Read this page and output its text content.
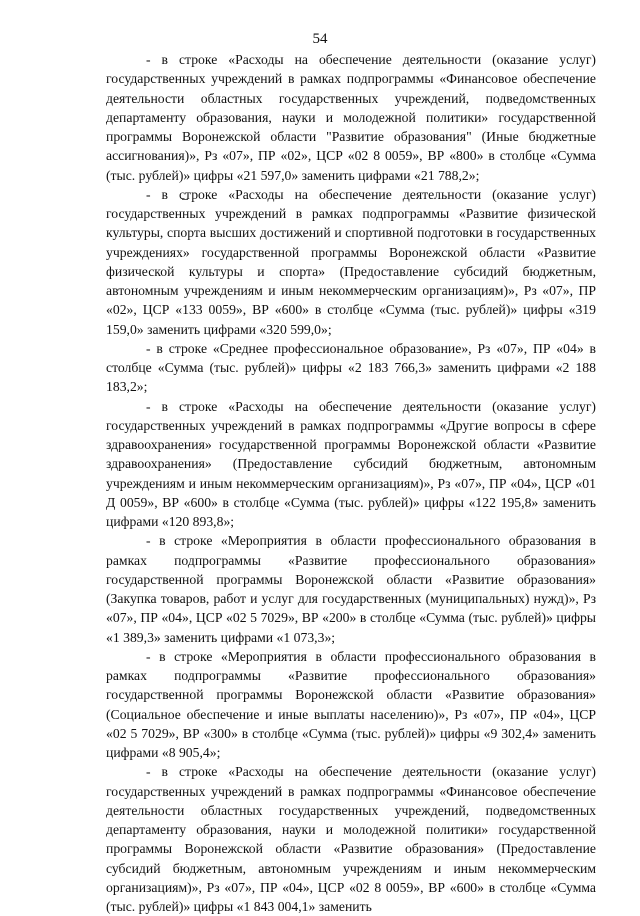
54

- в строке «Расходы на обеспечение деятельности (оказание услуг) государственных учреждений в рамках подпрограммы «Финансовое обеспечение деятельности областных государственных учреждений, подведомственных департаменту образования, науки и молодежной политики» государственной программы Воронежской области "Развитие образования" (Иные бюджетные ассигнования)», Рз «07», ПР «02», ЦСР «02 8 0059», ВР «800» в столбце «Сумма (тыс. рублей)» цифры «21 597,0» заменить цифрами «21 788,2»;

- в строке «Расходы на обеспечение деятельности (оказание услуг) государственных учреждений в рамках подпрограммы «Развитие физической культуры, спорта высших достижений и спортивной подготовки в государственных учреждениях» государственной программы Воронежской области «Развитие физической культуры и спорта» (Предоставление субсидий бюджетным, автономным учреждениям и иным некоммерческим организациям)», Рз «07», ПР «02», ЦСР «133 0059», ВР «600» в столбце «Сумма (тыс. рублей)» цифры «319 159,0» заменить цифрами «320 599,0»;

- в строке «Среднее профессиональное образование», Рз «07», ПР «04» в столбце «Сумма (тыс. рублей)» цифры «2 183 766,3» заменить цифрами «2 188 183,2»;

- в строке «Расходы на обеспечение деятельности (оказание услуг) государственных учреждений в рамках подпрограммы «Другие вопросы в сфере здравоохранения» государственной программы Воронежской области «Развитие здравоохранения» (Предоставление субсидий бюджетным, автономным учреждениям и иным некоммерческим организациям)», Рз «07», ПР «04», ЦСР «01 Д 0059», ВР «600» в столбце «Сумма (тыс. рублей)» цифры «122 195,8» заменить цифрами «120 893,8»;

- в строке «Мероприятия в области профессионального образования в рамках подпрограммы «Развитие профессионального образования» государственной программы Воронежской области «Развитие образования» (Закупка товаров, работ и услуг для государственных (муниципальных) нужд)», Рз «07», ПР «04», ЦСР «02 5 7029», ВР «200» в столбце «Сумма (тыс. рублей)» цифры «1 389,3» заменить цифрами «1 073,3»;

- в строке «Мероприятия в области профессионального образования в рамках подпрограммы «Развитие профессионального образования» государственной программы Воронежской области «Развитие образования» (Социальное обеспечение и иные выплаты населению)», Рз «07», ПР «04», ЦСР «02 5 7029», ВР «300» в столбце «Сумма (тыс. рублей)» цифры «9 302,4» заменить цифрами «8 905,4»;

- в строке «Расходы на обеспечение деятельности (оказание услуг) государственных учреждений в рамках подпрограммы «Финансовое обеспечение деятельности областных государственных учреждений, подведомственных департаменту образования, науки и молодежной политики» государственной программы Воронежской области «Развитие образования» (Предоставление субсидий бюджетным, автономным учреждениям и иным некоммерческим организациям)», Рз «07», ПР «04», ЦСР «02 8 0059», ВР «600» в столбце «Сумма (тыс. рублей)» цифры «1 843 004,1» заменить
